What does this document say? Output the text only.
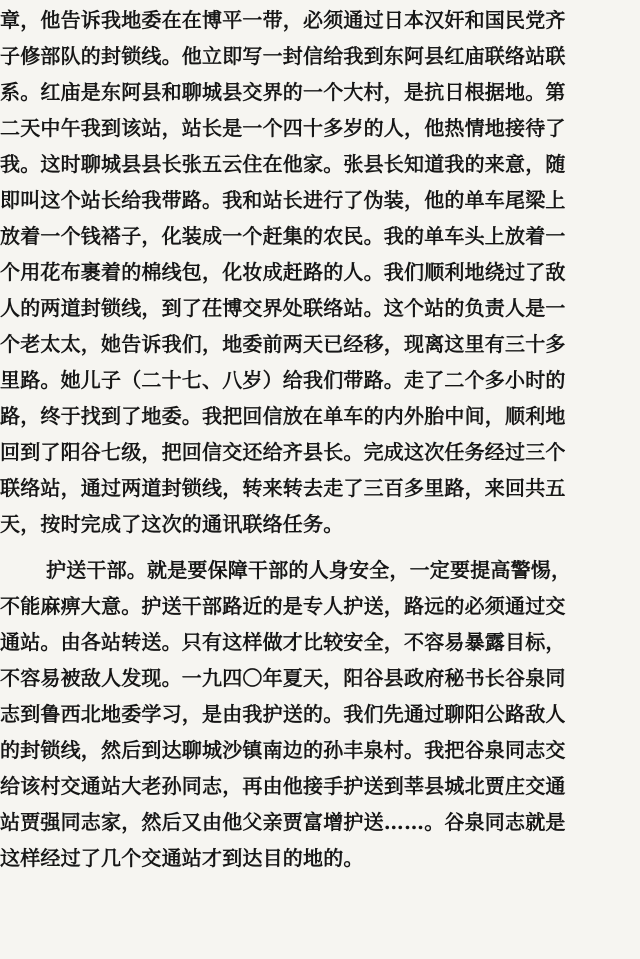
章，他告诉我地委在在博平一带，必须通过日本汉奸和国民党齐
子修部队的封锁线。他立即写一封信给我到东阿县红庙联络站联
系。红庙是东阿县和聊城县交界的一个大村，是抗日根据地。第
二天中午我到该站，站长是一个四十多岁的人，他热情地接待了
我。这时聊城县县长张五云住在他家。张县长知道我的来意，随
即叫这个站长给我带路。我和站长进行了伪装，他的单车尾梁上
放着一个钱褡子，化装成一个赶集的农民。我的单车头上放着一
个用花布裹着的棉线包，化妆成赶路的人。我们顺利地绕过了敌
人的两道封锁线，到了茌博交界处联络站。这个站的负责人是一
个老太太，她告诉我们，地委前两天已经移，现离这里有三十多
里路。她儿子（二十七、八岁）给我们带路。走了二个多小时的
路，终于找到了地委。我把回信放在单车的内外胎中间，顺利地
回到了阳谷七级，把回信交还给齐县长。完成这次任务经过三个
联络站，通过两道封锁线，转来转去走了三百多里路，来回共五
天，按时完成了这次的通讯联络任务。
护送干部。就是要保障干部的人身安全，一定要提高警惕，
不能麻痹大意。护送干部路近的是专人护送，路远的必须通过交
通站。由各站转送。只有这样做才比较安全，不容易暴露目标，
不容易被敌人发现。一九四〇年夏天，阳谷县政府秘书长谷泉同
志到鲁西北地委学习，是由我护送的。我们先通过聊阳公路敌人
的封锁线，然后到达聊城沙镇南边的孙丰泉村。我把谷泉同志交
给该村交通站大老孙同志，再由他接手护送到莘县城北贾庄交通
站贾强同志家，然后又由他父亲贾富增护送……。谷泉同志就是
这样经过了几个交通站才到达目的地的。
